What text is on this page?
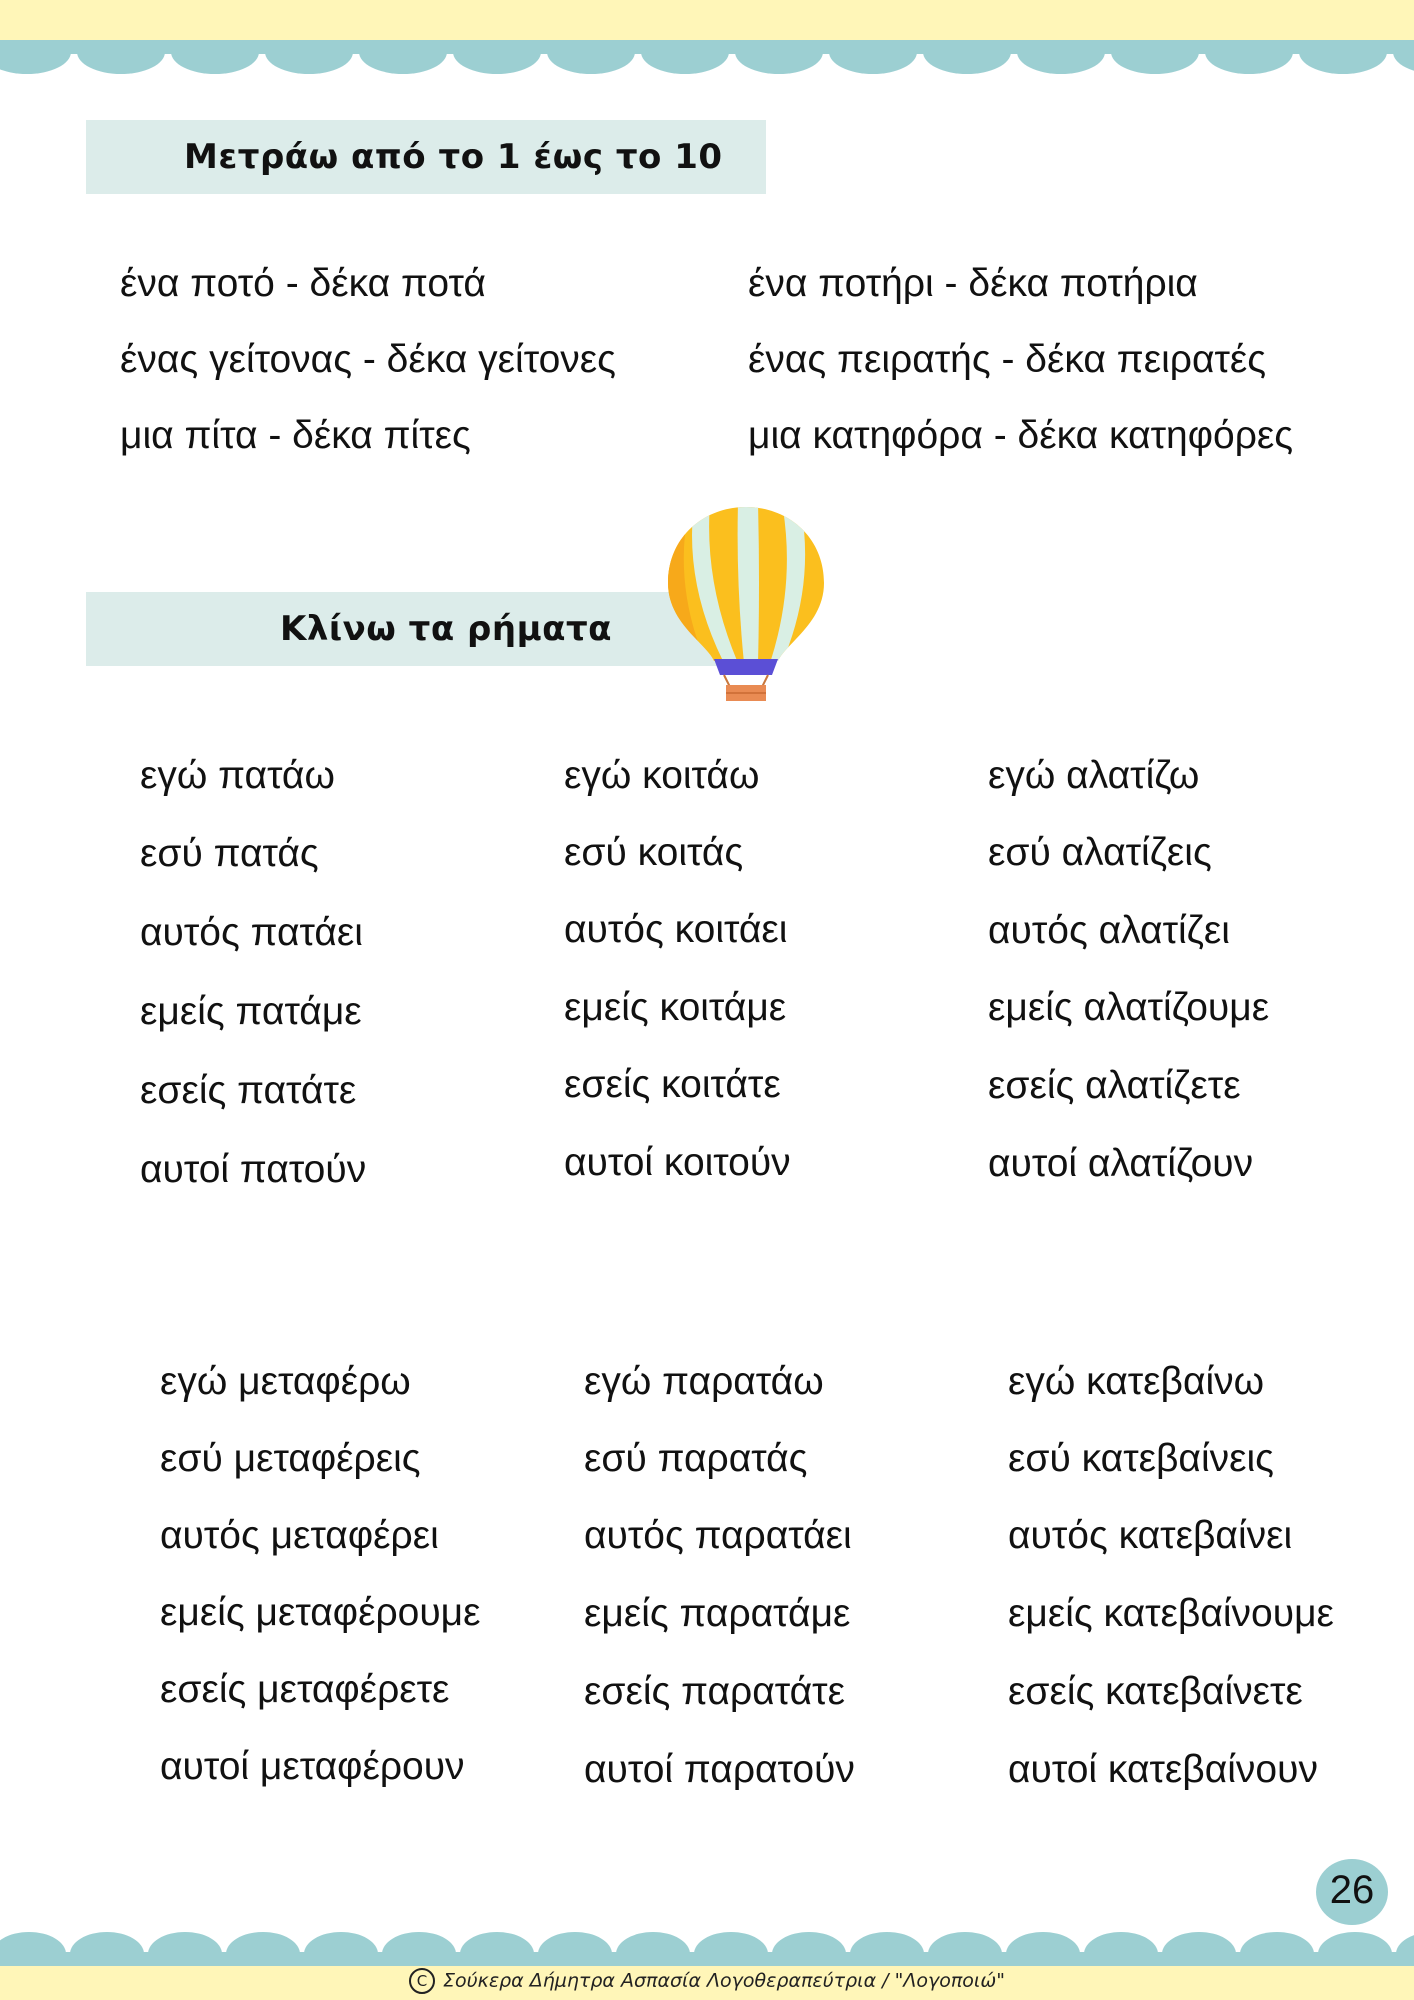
Μετράω από το 1 έως το 10
ένα ποτό - δέκα ποτά
ένας γείτονας - δέκα γείτονες
μια πίτα - δέκα πίτες
ένα ποτήρι - δέκα ποτήρια
ένας πειρατής - δέκα πειρατές
μια κατηφόρα - δέκα κατηφόρες
Κλίνω τα ρήματα
εγώ πατάω
εσύ πατάς
αυτός πατάει
εμείς πατάμε
εσείς πατάτε
αυτοί πατούν
εγώ κοιτάω
εσύ κοιτάς
αυτός κοιτάει
εμείς κοιτάμε
εσείς κοιτάτε
αυτοί κοιτούν
εγώ αλατίζω
εσύ αλατίζεις
αυτός αλατίζει
εμείς αλατίζουμε
εσείς αλατίζετε
αυτοί αλατίζουν
εγώ μεταφέρω
εσύ μεταφέρεις
αυτός μεταφέρει
εμείς μεταφέρουμε
εσείς μεταφέρετε
αυτοί μεταφέρουν
εγώ παρατάω
εσύ παρατάς
αυτός παρατάει
εμείς παρατάμε
εσείς παρατάτε
αυτοί παρατούν
εγώ κατεβαίνω
εσύ κατεβαίνεις
αυτός κατεβαίνει
εμείς κατεβαίνουμε
εσείς κατεβαίνετε
αυτοί κατεβαίνουν
26
C Σούκερα Δήμητρα Ασπασία Λογοθεραπεύτρια / "Λογοποιώ"
